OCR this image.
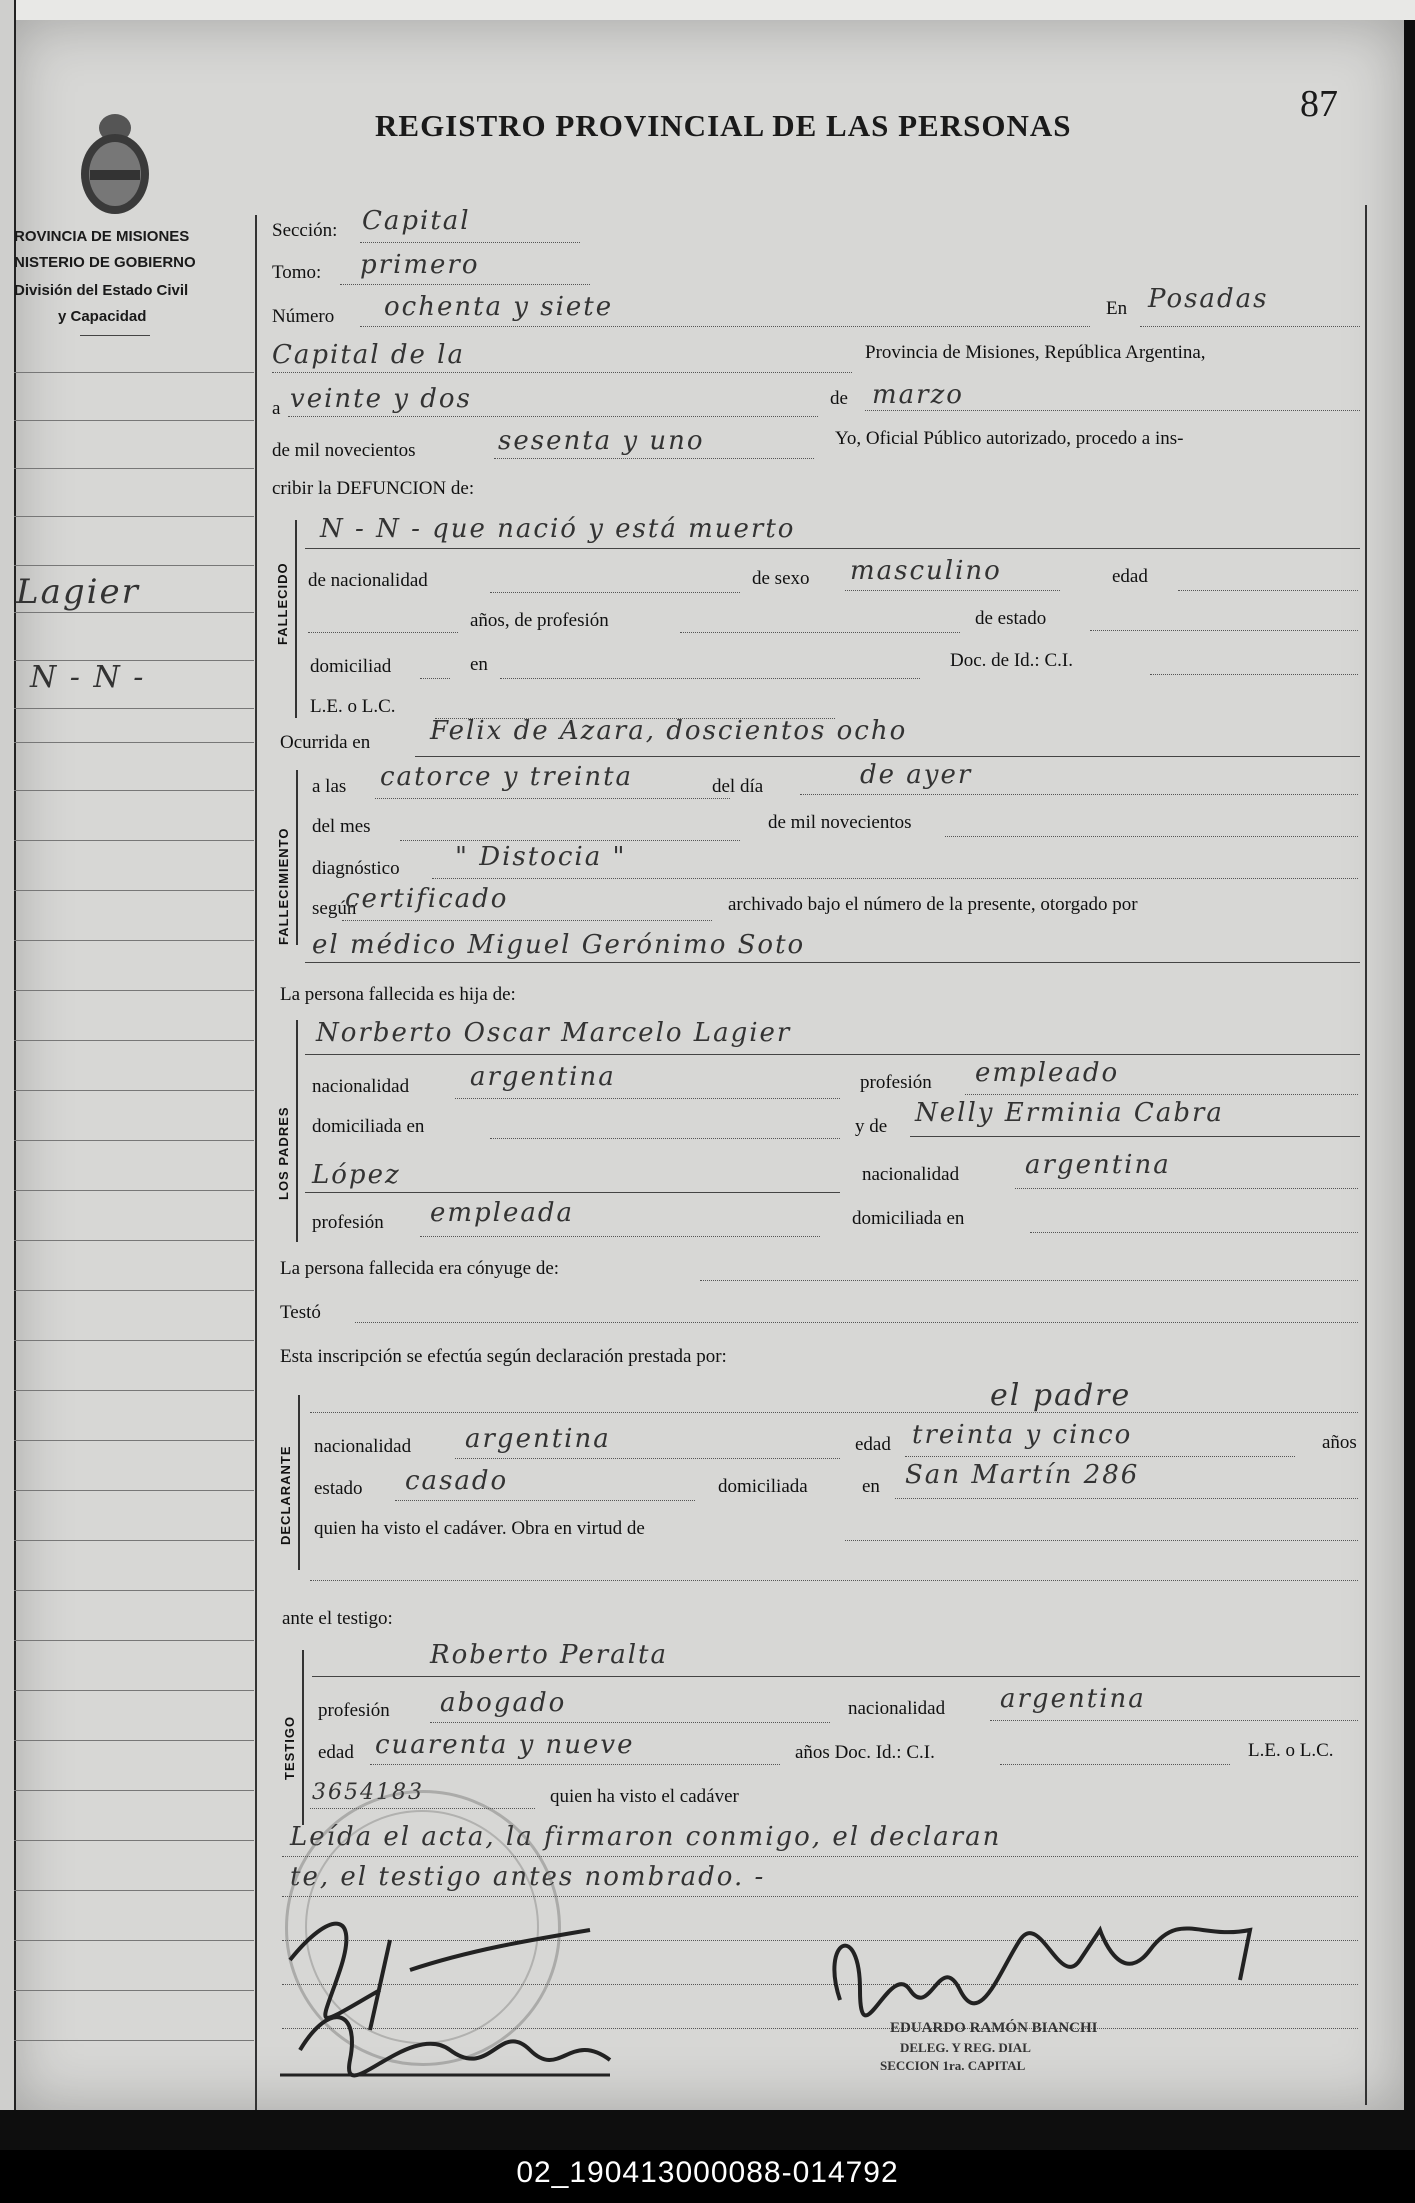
ROVINCIA DE MISIONES
NISTERIO DE GOBIERNO
División del Estado Civil
y Capacidad
REGISTRO PROVINCIAL DE LAS PERSONAS
87
Lagier
N - N -
Sección: Capital
Tomo: primero
Número ochenta y siete	En Posadas
Capital de la	Provincia de Misiones, República Argentina,
a veinte y dos	de marzo
de mil novecientos	sesenta y uno	Yo, Oficial Público autorizado, procedo a ins-
cribir la DEFUNCION de:
FALLECIDO
N - N - que nació y está muerto
de nacionalidad	de sexo masculino	edad
años, de profesión	de estado
domiciliad	en	Doc. de Id.: C.I.
L.E. o L.C.
Ocurrida en Felix de Azara, doscientos ocho
FALLECIMIENTO
a las catorce y treinta	del día	de ayer
del mes	de mil novecientos
diagnóstico " Distocia "
según
certificado	archivado bajo el número de la presente, otorgado por
el médico Miguel Gerónimo Soto
La persona fallecida es hija de:
LOS PADRES
Norberto Oscar Marcelo Lagier
nacionalidad argentina	profesión empleado
domiciliada en	y de Nelly Erminia Cabra
López	nacionalidad	argentina
profesión empleada	domiciliada en
La persona fallecida era cónyuge de:
Testó
Esta inscripción se efectúa según declaración prestada por:
DECLARANTE
el padre
nacionalidad argentina	edad treinta y cinco	años
estado casado	domiciliada	en San Martín 286
quien ha visto el cadáver. Obra en virtud de
ante el testigo:
TESTIGO
Roberto Peralta
profesión abogado	nacionalidad argentina
edad cuarenta y nueve	años Doc. Id.: C.I.	L.E. o L.C.
3654183	quien ha visto el cadáver
Leída el acta, la firmaron conmigo, el declaran
te, el testigo antes nombrado. -
EDUARDO RAMÓN BIANCHI
DELEG. Y REG. DIAL
SECCION 1ra. CAPITAL
02_190413000088-014792
